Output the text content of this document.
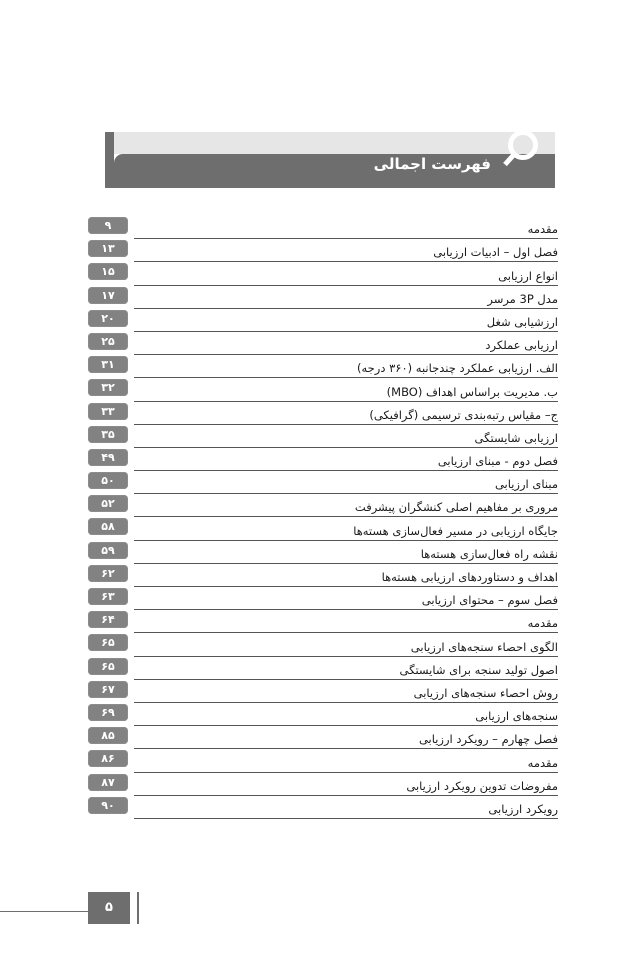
فهرست اجمالی
۹	مقدمه
۱۳	فصل اول – ادبیات ارزیابی
۱۵	انواع ارزیابی
۱۷	مدل 3P مرسر
۲۰	ارزشیابی شغل
۲۵	ارزیابی عملکرد
۳۱	الف. ارزیابی عملکرد چندجانبه (۳۶۰ درجه)
۳۲	ب. مدیریت براساس اهداف (MBO)
۳۳	ج– مقیاس رتبه‌بندی ترسیمی (گرافیکی)
۳۵	ارزیابی شایستگی
۴۹	فصل دوم - مبنای ارزیابی
۵۰	مبنای ارزیابی
۵۲	مروری بر مفاهیم اصلی کنشگران پیشرفت
۵۸	جایگاه ارزیابی در مسیر فعال‌سازی هسته‌ها
۵۹	نقشه راه فعال‌سازی هسته‌ها
۶۲	اهداف و دستاوردهای ارزیابی هسته‌ها
۶۳	فصل سوم – محتوای ارزیابی
۶۴	مقدمه
۶۵	الگوی احصاء سنجه‌های ارزیابی
۶۵	اصول تولید سنجه برای شایستگی
۶۷	روش احصاء سنجه‌های ارزیابی
۶۹	سنجه‌های ارزیابی
۸۵	فصل چهارم – رویکرد ارزیابی
۸۶	مقدمه
۸۷	مفروضات تدوین رویکرد ارزیابی
۹۰	رویکرد ارزیابی
۵
